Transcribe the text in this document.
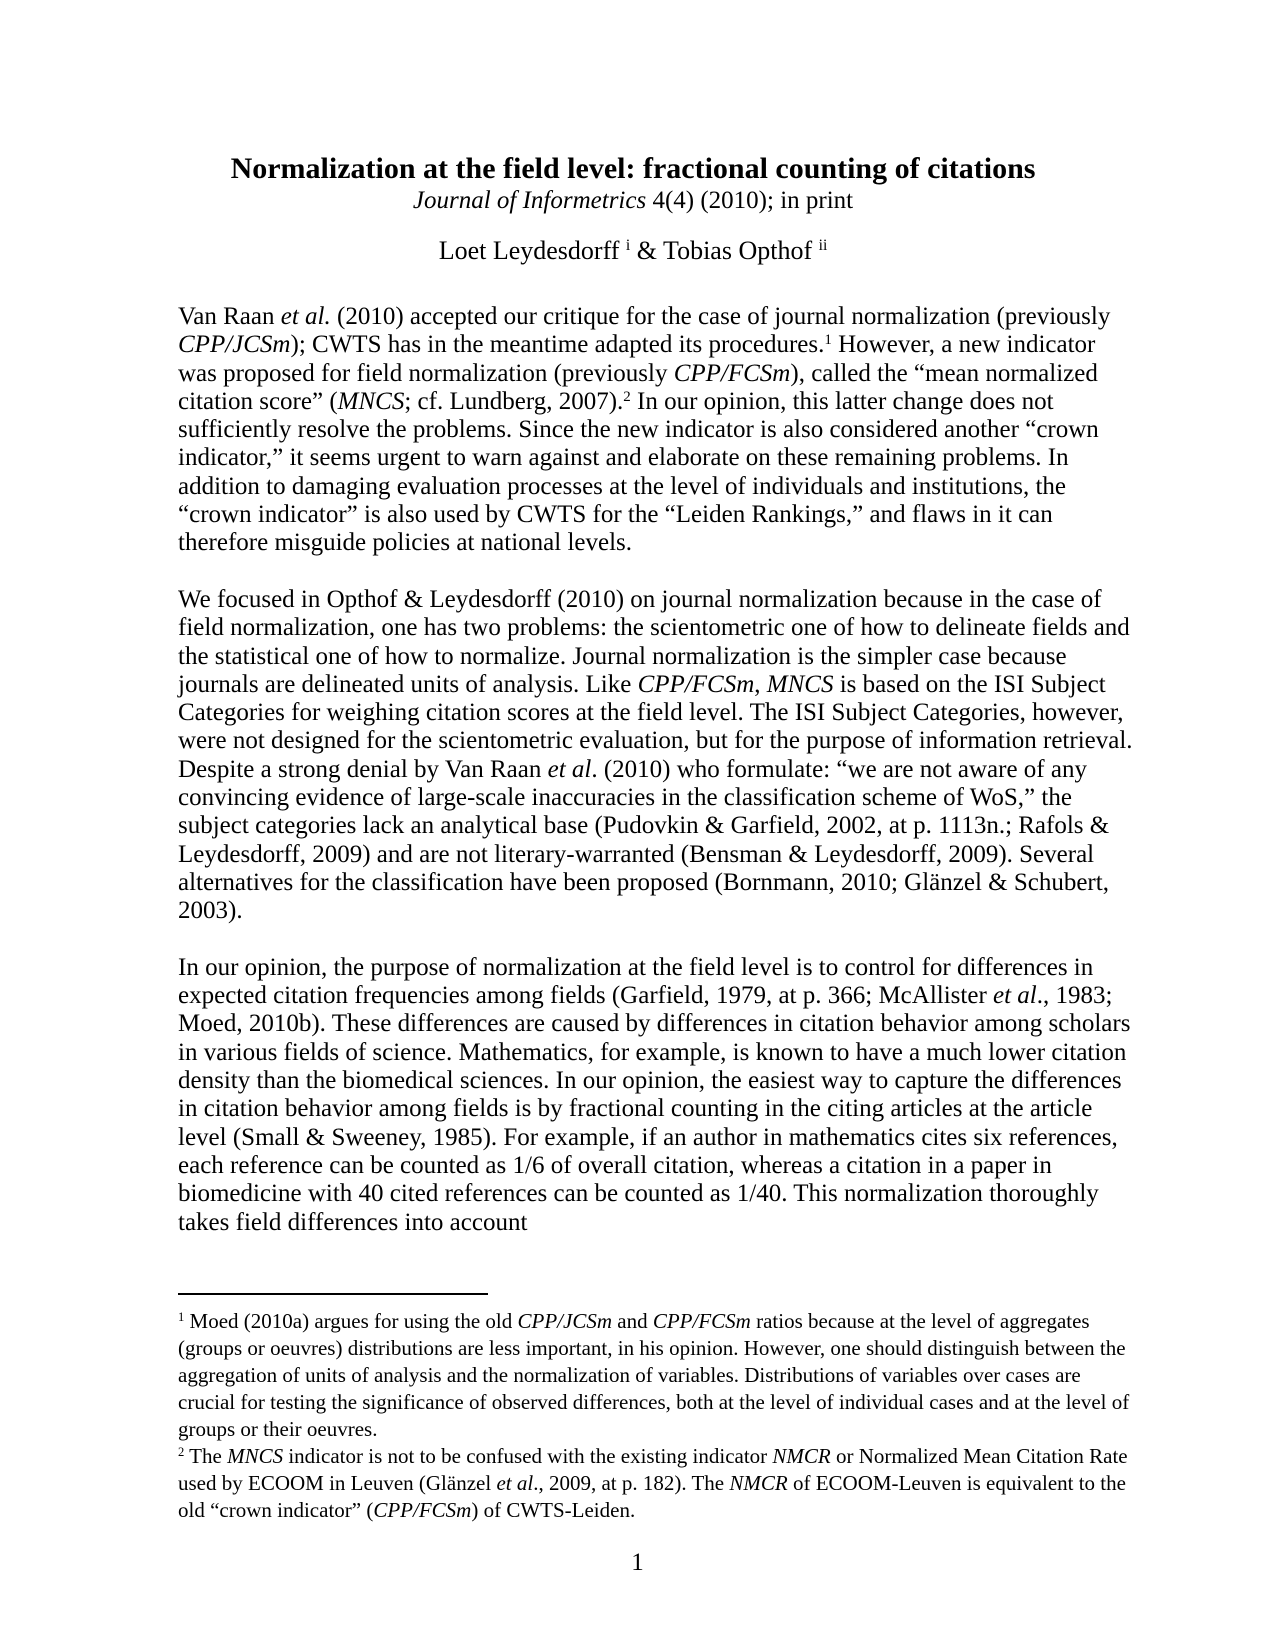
Normalization at the field level: fractional counting of citations
Journal of Informetrics 4(4) (2010); in print
Loet Leydesdorff $^i$ & Tobias Opthof $^{ii}$

Van Raan et al. (2010) accepted our critique for the case of journal normalization (previously CPP/JCSm); CWTS has in the meantime adapted its procedures.$^1$ However, a new indicator was proposed for field normalization (previously CPP/FCSm), called the “mean normalized citation score” (MNCS; cf. Lundberg, 2007).$^2$ In our opinion, this latter change does not sufficiently resolve the problems. Since the new indicator is also considered another “crown indicator,” it seems urgent to warn against and elaborate on these remaining problems. In addition to damaging evaluation processes at the level of individuals and institutions, the “crown indicator” is also used by CWTS for the “Leiden Rankings,” and flaws in it can therefore misguide policies at national levels.

We focused in Opthof & Leydesdorff (2010) on journal normalization because in the case of field normalization, one has two problems: the scientometric one of how to delineate fields and the statistical one of how to normalize. Journal normalization is the simpler case because journals are delineated units of analysis. Like CPP/FCSm, MNCS is based on the ISI Subject Categories for weighing citation scores at the field level. The ISI Subject Categories, however, were not designed for the scientometric evaluation, but for the purpose of information retrieval. Despite a strong denial by Van Raan et al. (2010) who formulate: “we are not aware of any convincing evidence of large-scale inaccuracies in the classification scheme of WoS,” the subject categories lack an analytical base (Pudovkin & Garfield, 2002, at p. 1113n.; Rafols & Leydesdorff, 2009) and are not literary-warranted (Bensman & Leydesdorff, 2009). Several alternatives for the classification have been proposed (Bornmann, 2010; Glänzel & Schubert, 2003).

In our opinion, the purpose of normalization at the field level is to control for differences in expected citation frequencies among fields (Garfield, 1979, at p. 366; McAllister et al., 1983; Moed, 2010b). These differences are caused by differences in citation behavior among scholars in various fields of science. Mathematics, for example, is known to have a much lower citation density than the biomedical sciences. In our opinion, the easiest way to capture the differences in citation behavior among fields is by fractional counting in the citing articles at the article level (Small & Sweeney, 1985). For example, if an author in mathematics cites six references, each reference can be counted as 1/6 of overall citation, whereas a citation in a paper in biomedicine with 40 cited references can be counted as 1/40. This normalization thoroughly takes field differences into account

$^1$ Moed (2010a) argues for using the old CPP/JCSm and CPP/FCSm ratios because at the level of aggregates (groups or oeuvres) distributions are less important, in his opinion. However, one should distinguish between the aggregation of units of analysis and the normalization of variables. Distributions of variables over cases are crucial for testing the significance of observed differences, both at the level of individual cases and at the level of groups or their oeuvres.

$^2$ The MNCS indicator is not to be confused with the existing indicator NMCR or Normalized Mean Citation Rate used by ECOOM in Leuven (Glänzel et al., 2009, at p. 182). The NMCR of ECOOM-Leuven is equivalent to the old “crown indicator” (CPP/FCSm) of CWTS-Leiden.

1
